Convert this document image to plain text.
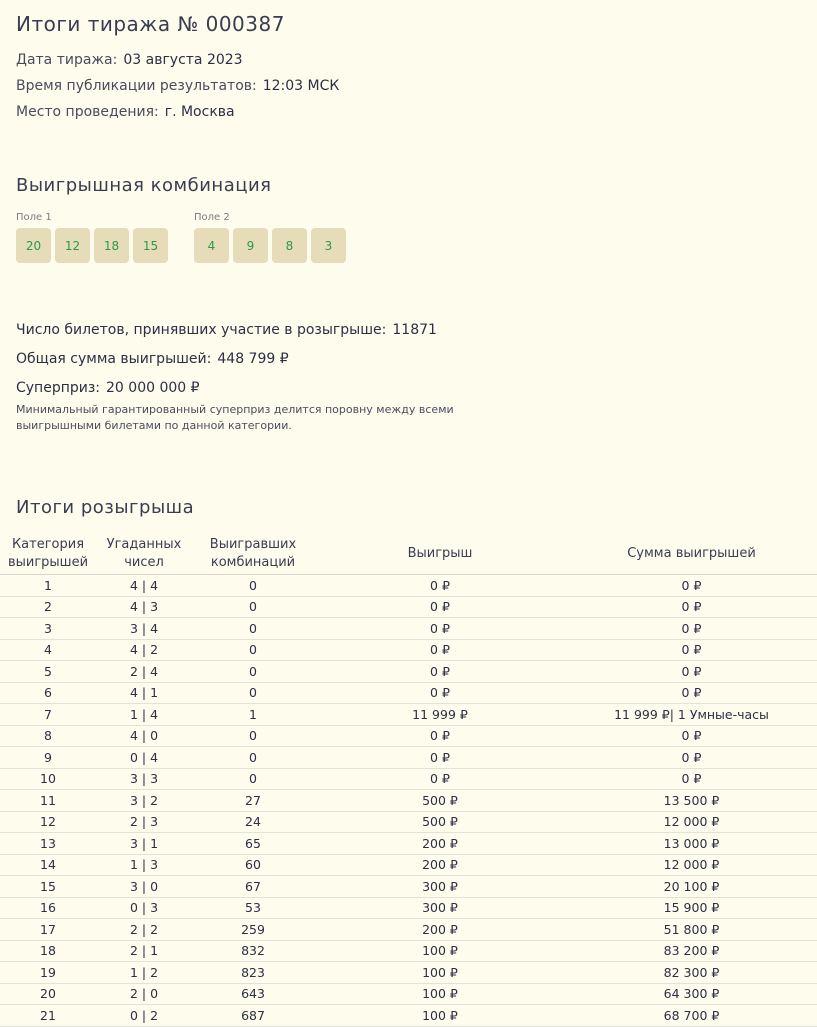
Итоги тиража № 000387
Дата тиража: 03 августа 2023
Время публикации результатов: 12:03 МСК
Место проведения: г. Москва
Выигрышная комбинация
Поле 1
20	12	18	15
Поле 2
4	9	8	3
Число билетов, принявших участие в розыгрыше: 11871
Общая сумма выигрышей: 448 799 ₽
Суперприз: 20 000 000 ₽
Минимальный гарантированный суперприз делится поровну между всеми выигрышными билетами по данной категории.
Итоги розыгрыша
Категория выигрышей	Угаданных чисел	Выигравших комбинаций	Выигрыш	Сумма выигрышей
1	4 | 4	0	0 ₽	0 ₽
2	4 | 3	0	0 ₽	0 ₽
3	3 | 4	0	0 ₽	0 ₽
4	4 | 2	0	0 ₽	0 ₽
5	2 | 4	0	0 ₽	0 ₽
6	4 | 1	0	0 ₽	0 ₽
7	1 | 4	1	11 999 ₽	11 999 ₽| 1 Умные-часы
8	4 | 0	0	0 ₽	0 ₽
9	0 | 4	0	0 ₽	0 ₽
10	3 | 3	0	0 ₽	0 ₽
11	3 | 2	27	500 ₽	13 500 ₽
12	2 | 3	24	500 ₽	12 000 ₽
13	3 | 1	65	200 ₽	13 000 ₽
14	1 | 3	60	200 ₽	12 000 ₽
15	3 | 0	67	300 ₽	20 100 ₽
16	0 | 3	53	300 ₽	15 900 ₽
17	2 | 2	259	200 ₽	51 800 ₽
18	2 | 1	832	100 ₽	83 200 ₽
19	1 | 2	823	100 ₽	82 300 ₽
20	2 | 0	643	100 ₽	64 300 ₽
21	0 | 2	687	100 ₽	68 700 ₽
